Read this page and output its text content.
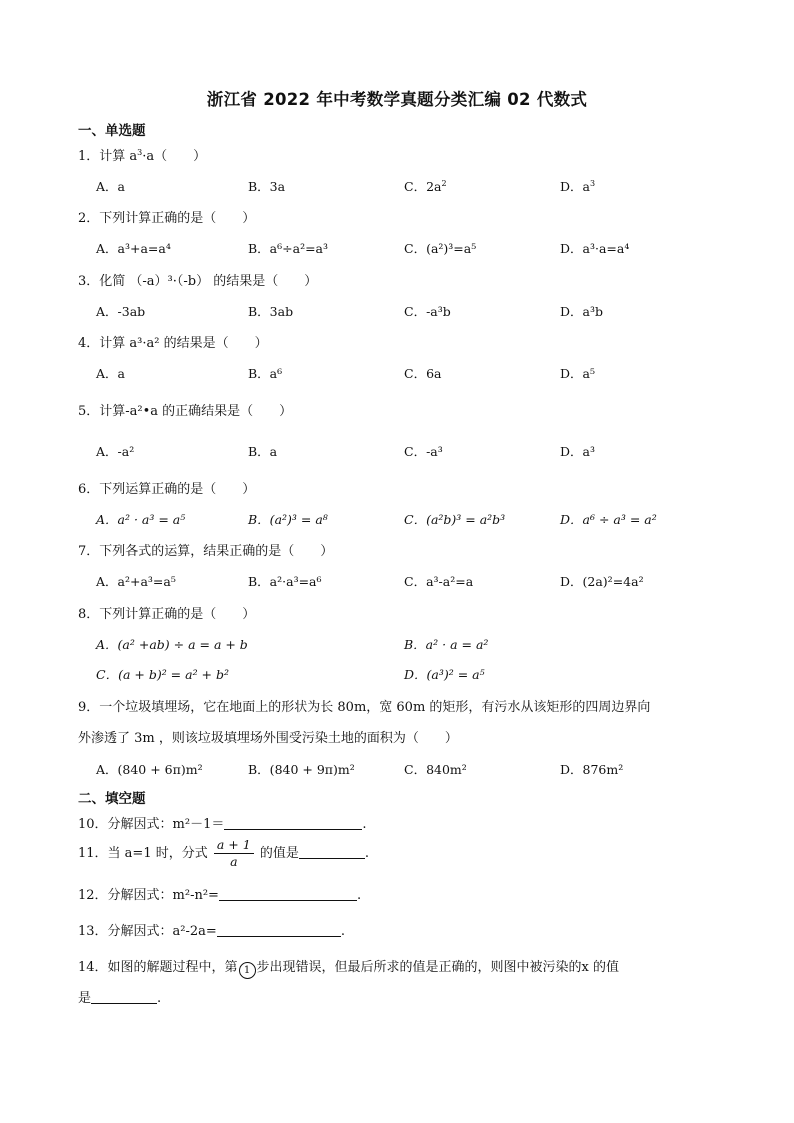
浙江省 2022 年中考数学真题分类汇编 02 代数式
一、单选题
1．计算 $a^3\cdot a$（　　）
A．a	B．3a	C．$2a^2$	D．$a^3$
2．下列计算正确的是（　　）
A．a³+a=a⁴	B．a⁶÷a²=a³	C．(a²)³=a⁵	D．a³·a=a⁴
3．化简 （-a）³·（-b） 的结果是（　　）
A．-3ab	B．3ab	C．-a³b	D．a³b
4．计算 a³·a² 的结果是（　　）
A．a	B．a⁶	C．6a	D．a⁵
5．计算-a²•a 的正确结果是（　　）
A．-a²	B．a	C．-a³	D．a³
6．下列运算正确的是（　　）
A．a² · a³ = a⁵	B．(a²)³ = a⁸	C．(a²b)³ = a²b³	D．a⁶ ÷ a³ = a²
7．下列各式的运算，结果正确的是（　　）
A．a²+a³=a⁵	B．a²·a³=a⁶	C．a³-a²=a	D．(2a)²=4a²
8．下列计算正确的是（　　）
A．(a² +ab) ÷ a = a + b	B．a² · a = a²
C．(a + b)² = a² + b²	D．(a³)² = a⁵
9．一个垃圾填埋场，它在地面上的形状为长 80m，宽 60m 的矩形，有污水从该矩形的四周边界向
外渗透了 3m ，则该垃圾填埋场外围受污染土地的面积为（　　）
A．(840 + 6π)m²	B．(840 + 9π)m²	C．840m²	D．876m²
二、填空题
10．分解因式：m²－1＝	.
11．当 a=1 时，分式 $\frac{a + 1}{a}$ 的值是	.
12．分解因式：m²-n²=	.
13．分解因式：a²-2a=	.
14．如图的解题过程中，第 1 步出现错误，但最后所求的值是正确的，则图中被污染的x 的值
是	.
